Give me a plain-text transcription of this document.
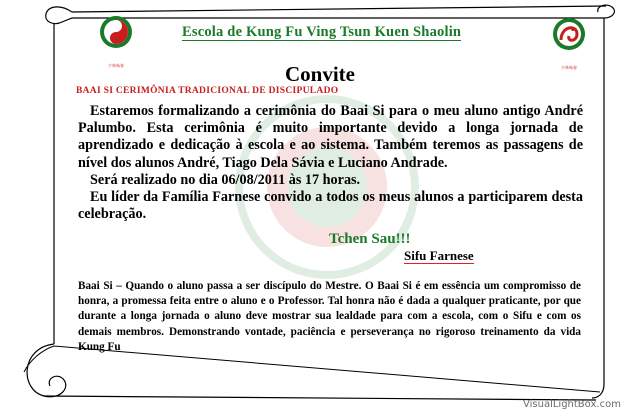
少林咏春
Escola de Kung Fu Ving Tsun Kuen Shaolin
少林咏春
Convite
BAAI SI CERIMÔNIA TRADICIONAL DE DISCIPULADO

Estaremos formalizando a cerimônia do Baai Si para o meu aluno antigo André Palumbo. Esta cerimônia é muito importante devido a longa jornada de aprendizado e dedicação à escola e ao sistema. Também teremos as passagens de nível dos alunos André, Tiago Dela Sávia e Luciano Andrade.

Será realizado no dia 06/08/2011 às 17 horas.

Eu líder da Família Farnese convido a todos os meus alunos a participarem desta celebração.

Tchen Sau!!!
Sifu Farnese
Baai Si – Quando o aluno passa a ser discípulo do Mestre. O Baai Si é em essência um compromisso de honra, a promessa feita entre o aluno e o Professor. Tal honra não é dada a qualquer praticante, por que durante a longa jornada o aluno deve mostrar sua lealdade para com a escola, com o Sifu e com os demais membros. Demonstrando vontade, paciência e perseverança no rigoroso treinamento da vida Kung Fu
VisualLightBox.com
